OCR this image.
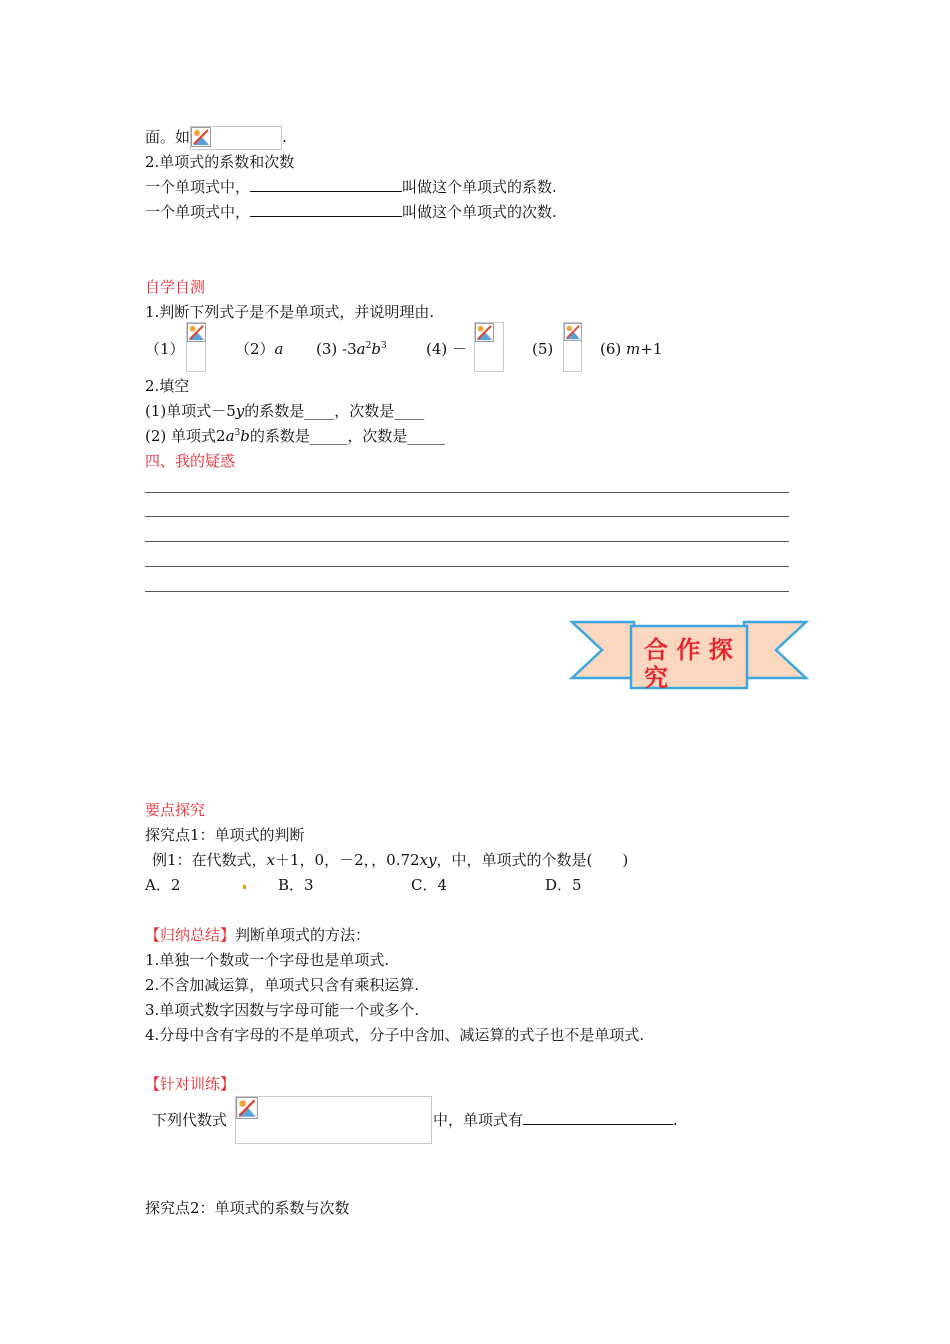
面。如	.
2.单项式的系数和次数
一个单项式中，	叫做这个单项式的系数.
一个单项式中，	叫做这个单项式的次数.
自学自测
1.判断下列式子是不是单项式，并说明理由.
（1）	（2）a (3) $-3a^2b^3$	(4) －	(5)	(6) m+1
2.填空
(1)单项式－5y的系数是____，次数是____
(2) 单项式$2a^3b$的系数是_____，次数是_____
四、我的疑惑
合 作 探 究
要点探究
探究点1：单项式的判断
例1：在代数式，x＋1，0，－2，，0.72xy，中，单项式的个数是(　　)
A．2	B．3	C．4	D．5
【归纳总结】判断单项式的方法：
1.单独一个数或一个字母也是单项式.
2.不含加减运算，单项式只含有乘积运算.
3.单项式数字因数与字母可能一个或多个.
4.分母中含有字母的不是单项式，分子中含加、减运算的式子也不是单项式.
【针对训练】
下列代数式	中，单项式有	.
探究点2：单项式的系数与次数
